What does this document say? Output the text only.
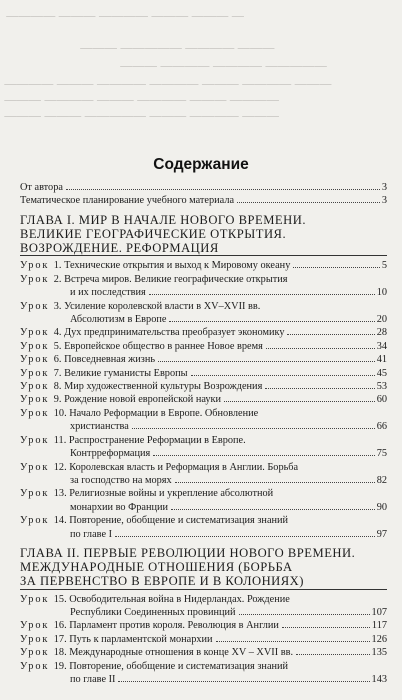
— ——— ——— ———— ——— ————
——— ———— ————— ———
————— ———— ———— ———
——— ———— ——— ———— ———— ——— ————
———— ——— ———— ——— ———— ———
——— ———— ——— ————— ——— ———
Содержание
От автора	3
Тематическое планирование учебного материала	3
ГЛАВА I. МИР В НАЧАЛЕ НОВОГО ВРЕМЕНИ.
ВЕЛИКИЕ ГЕОГРАФИЧЕСКИЕ ОТКРЫТИЯ.
ВОЗРОЖДЕНИЕ. РЕФОРМАЦИЯ
Урок 1. Технические открытия и выход к Мировому океану	5
Урок 2. Встреча миров. Великие географические открытия
и их последствия	10
Урок 3. Усиление королевской власти в XV–XVII вв.
Абсолютизм в Европе	20
Урок 4. Дух предпринимательства преобразует экономику	28
Урок 5. Европейское общество в раннее Новое время	34
Урок 6. Повседневная жизнь	41
Урок 7. Великие гуманисты Европы	45
Урок 8. Мир художественной культуры Возрождения	53
Урок 9. Рождение новой европейской науки	60
Урок 10. Начало Реформации в Европе. Обновление
христианства	66
Урок 11. Распространение Реформации в Европе.
Контрреформация	75
Урок 12. Королевская власть и Реформация в Англии. Борьба
за господство на морях	82
Урок 13. Религиозные войны и укрепление абсолютной
монархии во Франции	90
Урок 14. Повторение, обобщение и систематизация знаний
по главе I	97
ГЛАВА II. ПЕРВЫЕ РЕВОЛЮЦИИ НОВОГО ВРЕМЕНИ.
МЕЖДУНАРОДНЫЕ ОТНОШЕНИЯ (БОРЬБА
ЗА ПЕРВЕНСТВО В ЕВРОПЕ И В КОЛОНИЯХ)
Урок 15. Освободительная война в Нидерландах. Рождение
Республики Соединенных провинций	107
Урок 16. Парламент против короля. Революция в Англии	117
Урок 17. Путь к парламентской монархии	126
Урок 18. Международные отношения в конце XV – XVII вв.	135
Урок 19. Повторение, обобщение и систематизация знаний
по главе II	143
